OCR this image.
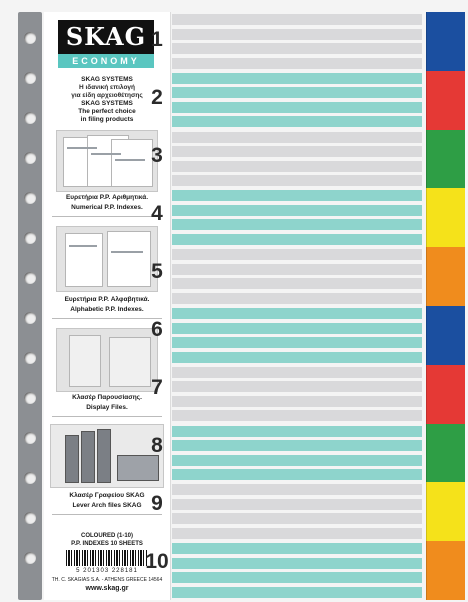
SKAG
ECONOMY
SKAG SYSTEMS
Η ιδανική επιλογή
για είδη αρχειοθέτησης
SKAG SYSTEMS
The perfect choice
in filing products
Ευρετήρια P.P. Αριθμητικά.
Numerical P.P. Indexes.
Ευρετήρια P.P. Αλφαβητικά.
Alphabetic P.P. Indexes.
Κλασέρ Παρουσίασης.
Display Files.
Κλασέρ Γραφείου SKAG
Lever Arch files SKAG
COLOURED (1-10)
P.P. INDEXES 10 SHEETS
5 201303 228181
TH. C. SKAGIAS S.A. - ATHENS GREECE 14564
www.skag.gr
1
2
3
4
5
6
7
8
9
10
